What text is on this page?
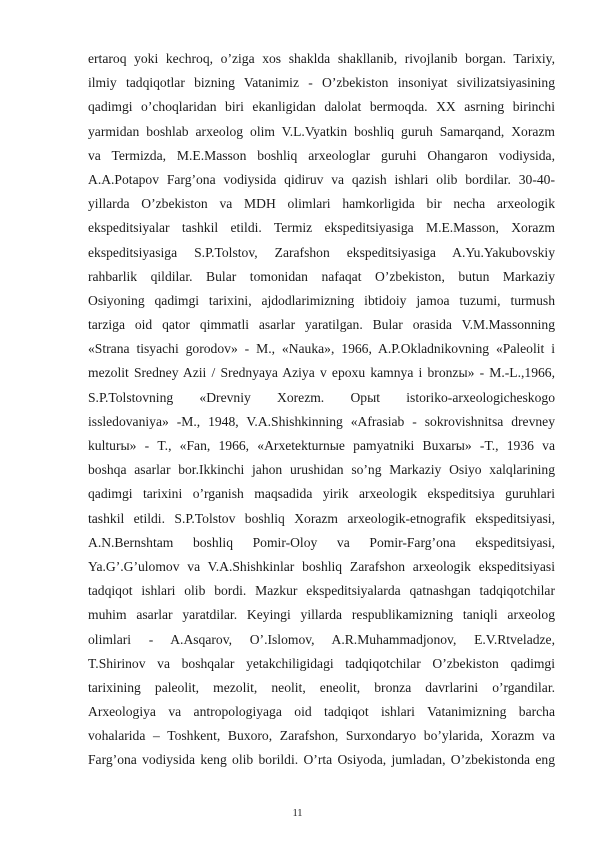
ertaroq yoki kechroq, o’ziga xos shaklda shakllanib, rivojlanib borgan. Tarixiy,
ilmiy tadqiqotlar bizning Vatanimiz - O’zbekiston insoniyat sivilizatsiyasining
qadimgi o’choqlaridan biri ekanligidan dalolat bermoqda. XX asrning birinchi
yarmidan boshlab arxeolog olim V.L.Vyatkin boshliq guruh Samarqand, Xorazm
va Termizda, M.E.Masson boshliq arxeologlar guruhi Ohangaron vodiysida,
A.A.Potapov Farg’ona vodiysida qidiruv va qazish ishlari olib bordilar. 30-40-
yillarda O’zbekiston va MDH olimlari hamkorligida bir necha arxeologik
ekspeditsiyalar tashkil etildi. Termiz ekspeditsiyasiga M.E.Masson, Xorazm
ekspeditsiyasiga S.P.Tolstov, Zarafshon ekspeditsiyasiga A.Yu.Yakubovskiy
rahbarlik qildilar. Bular tomonidan nafaqat O’zbekiston, butun Markaziy
Osiyoning qadimgi tarixini, ajdodlarimizning ibtidoiy jamoa tuzumi, turmush
tarziga oid qator qimmatli asarlar yaratilgan. Bular orasida V.M.Massonning
«Strana tisyachi gorodov» - M., «Nauka», 1966, A.P.Okladnikovning «Paleolit i
mezolit Sredney Azii / Srednyaya Aziya v epoxu kamnya i bronzы» - M.-L.,1966,
S.P.Tolstovning «Drevniy Xorezm. Opыt istoriko-arxeologicheskogo
issledovaniya» -M., 1948, V.A.Shishkinning «Afrasiab - sokrovishnitsa drevney
kulturы» - T., «Fan, 1966, «Arxetekturnыe pamyatniki Buxarы» -T., 1936 va
boshqa asarlar bor.Ikkinchi jahon urushidan so’ng Markaziy Osiyo xalqlarining
qadimgi tarixini o’rganish maqsadida yirik arxeologik ekspeditsiya guruhlari
tashkil etildi. S.P.Tolstov boshliq Xorazm arxeologik-etnografik ekspeditsiyasi,
A.N.Bernshtam boshliq Pomir-Oloy va Pomir-Farg’ona ekspeditsiyasi,
Ya.G’.G’ulomov va V.A.Shishkinlar boshliq Zarafshon arxeologik ekspeditsiyasi
tadqiqot ishlari olib bordi. Mazkur ekspeditsiyalarda qatnashgan tadqiqotchilar
muhim asarlar yaratdilar. Keyingi yillarda respublikamizning taniqli arxeolog
olimlari - A.Asqarov, O’.Islomov, A.R.Muhammadjonov, E.V.Rtveladze,
T.Shirinov va boshqalar yetakchiligidagi tadqiqotchilar O’zbekiston qadimgi
tarixining paleolit, mezolit, neolit, eneolit, bronza davrlarini o’rgandilar.
Arxeologiya va antropologiyaga oid tadqiqot ishlari Vatanimizning barcha
vohalarida – Toshkent, Buxoro, Zarafshon, Surxondaryo bo’ylarida, Xorazm va
Farg’ona vodiysida keng olib borildi. O’rta Osiyoda, jumladan, O’zbekistonda eng
11
